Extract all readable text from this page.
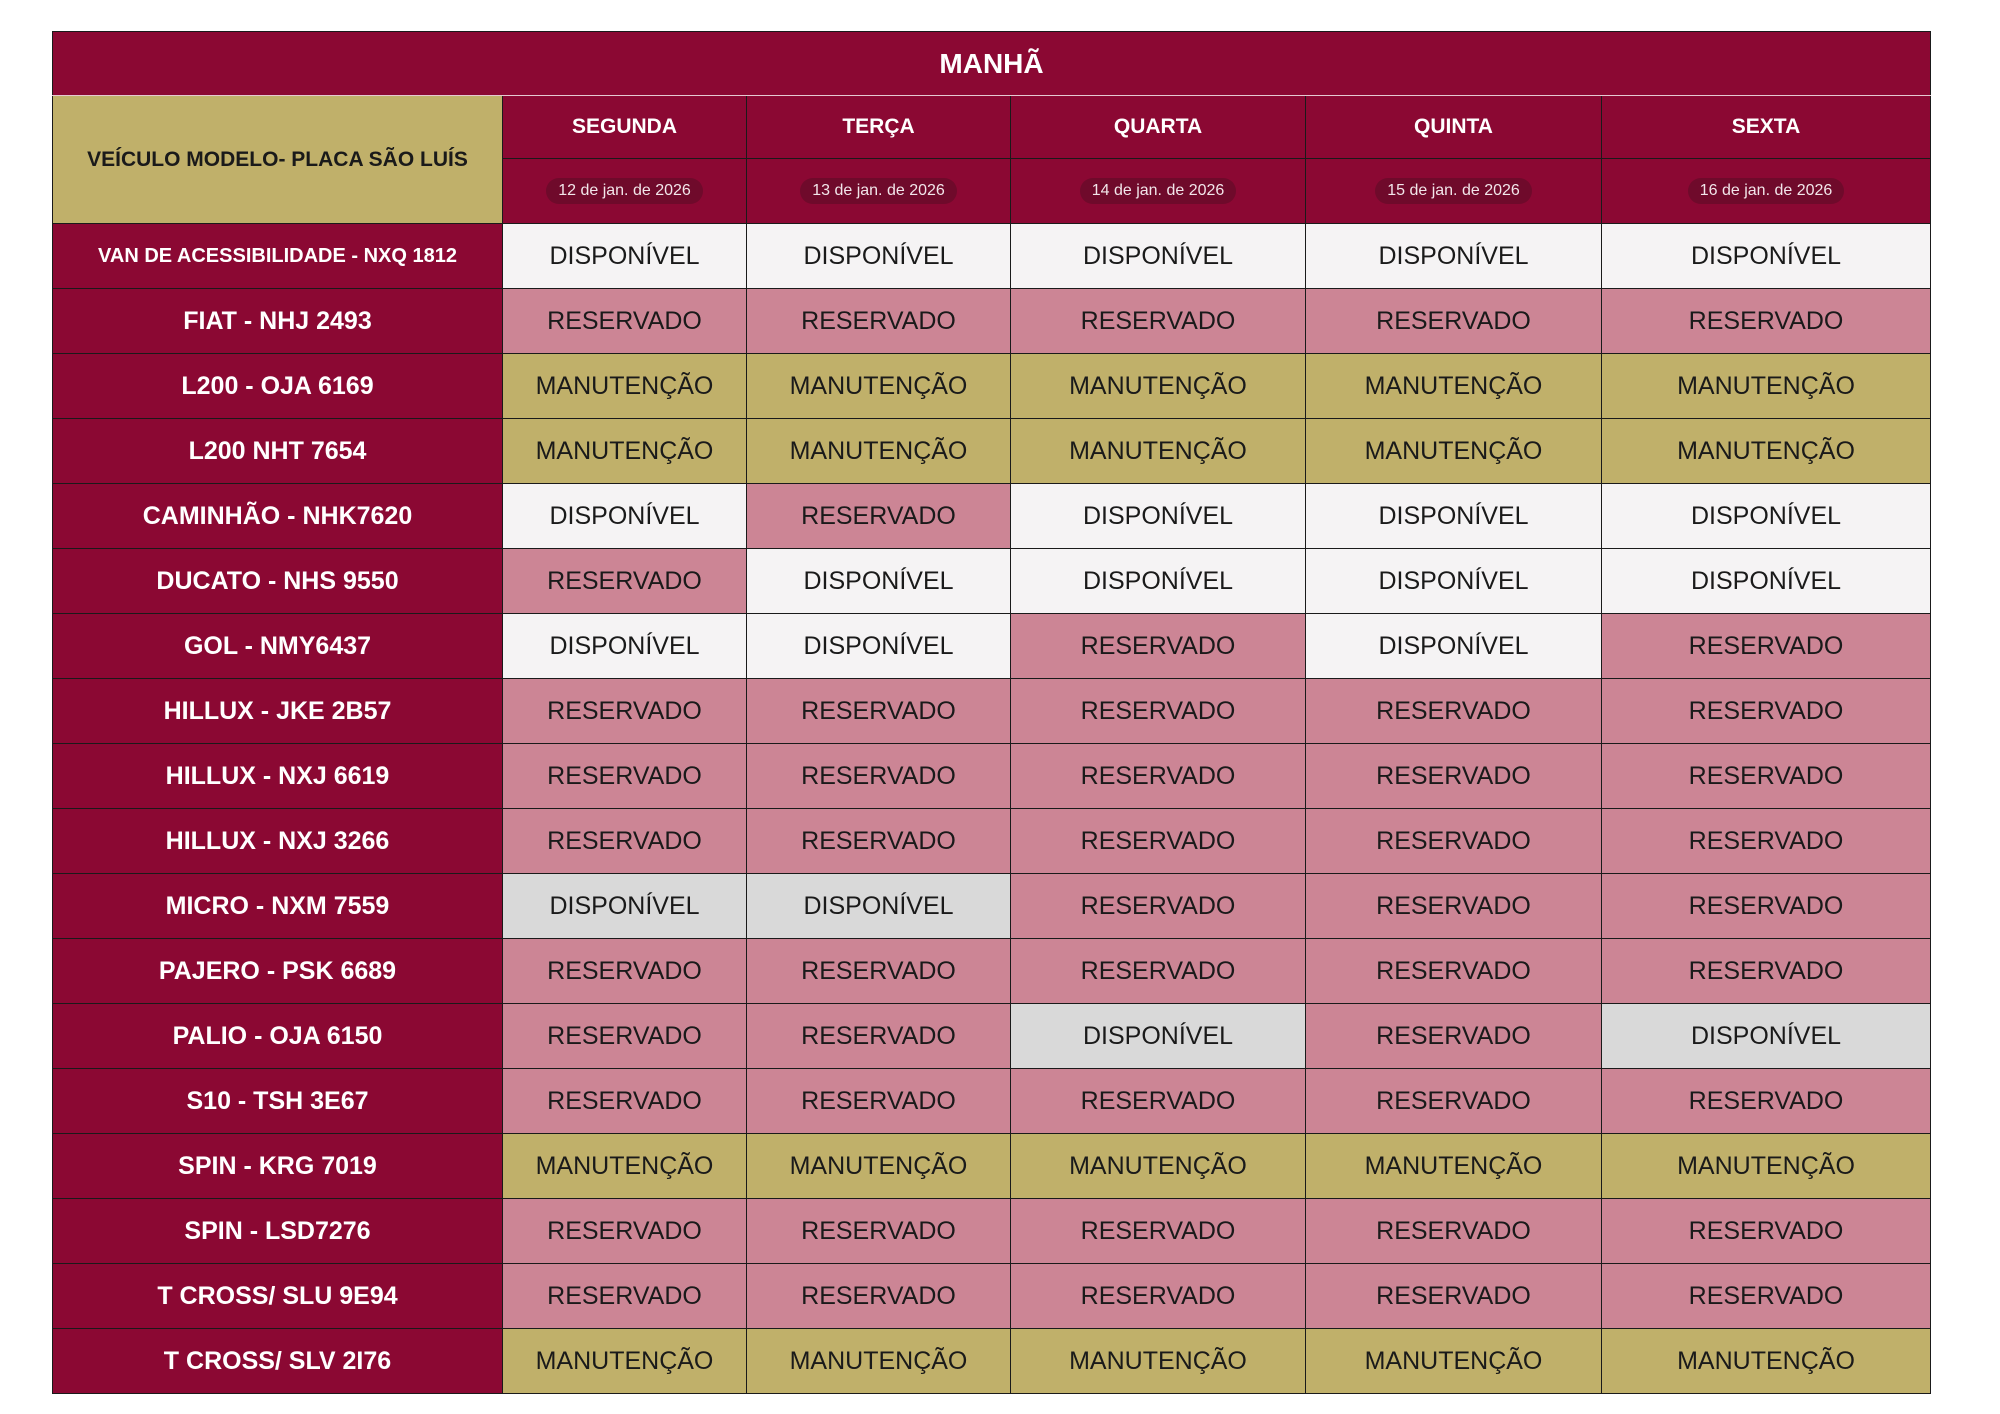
MANHÃ					
VEÍCULO MODELO- PLACA SÃO LUÍS	SEGUNDA	TERÇA	QUARTA	QUINTA	SEXTA
	12 de jan. de 2026	13 de jan. de 2026	14 de jan. de 2026	15 de jan. de 2026	16 de jan. de 2026
VAN DE ACESSIBILIDADE - NXQ 1812	DISPONÍVEL	DISPONÍVEL	DISPONÍVEL	DISPONÍVEL	DISPONÍVEL
FIAT - NHJ 2493	RESERVADO	RESERVADO	RESERVADO	RESERVADO	RESERVADO
L200 - OJA 6169	MANUTENÇÃO	MANUTENÇÃO	MANUTENÇÃO	MANUTENÇÃO	MANUTENÇÃO
L200 NHT 7654	MANUTENÇÃO	MANUTENÇÃO	MANUTENÇÃO	MANUTENÇÃO	MANUTENÇÃO
CAMINHÃO - NHK7620	DISPONÍVEL	RESERVADO	DISPONÍVEL	DISPONÍVEL	DISPONÍVEL
DUCATO - NHS 9550	RESERVADO	DISPONÍVEL	DISPONÍVEL	DISPONÍVEL	DISPONÍVEL
GOL - NMY6437	DISPONÍVEL	DISPONÍVEL	RESERVADO	DISPONÍVEL	RESERVADO
HILLUX - JKE 2B57	RESERVADO	RESERVADO	RESERVADO	RESERVADO	RESERVADO
HILLUX - NXJ 6619	RESERVADO	RESERVADO	RESERVADO	RESERVADO	RESERVADO
HILLUX - NXJ 3266	RESERVADO	RESERVADO	RESERVADO	RESERVADO	RESERVADO
MICRO - NXM 7559	DISPONÍVEL	DISPONÍVEL	RESERVADO	RESERVADO	RESERVADO
PAJERO - PSK 6689	RESERVADO	RESERVADO	RESERVADO	RESERVADO	RESERVADO
PALIO - OJA 6150	RESERVADO	RESERVADO	DISPONÍVEL	RESERVADO	DISPONÍVEL
S10 - TSH 3E67	RESERVADO	RESERVADO	RESERVADO	RESERVADO	RESERVADO
SPIN - KRG 7019	MANUTENÇÃO	MANUTENÇÃO	MANUTENÇÃO	MANUTENÇÃO	MANUTENÇÃO
SPIN - LSD7276	RESERVADO	RESERVADO	RESERVADO	RESERVADO	RESERVADO
T CROSS/ SLU 9E94	RESERVADO	RESERVADO	RESERVADO	RESERVADO	RESERVADO
T CROSS/ SLV 2I76	MANUTENÇÃO	MANUTENÇÃO	MANUTENÇÃO	MANUTENÇÃO	MANUTENÇÃO
